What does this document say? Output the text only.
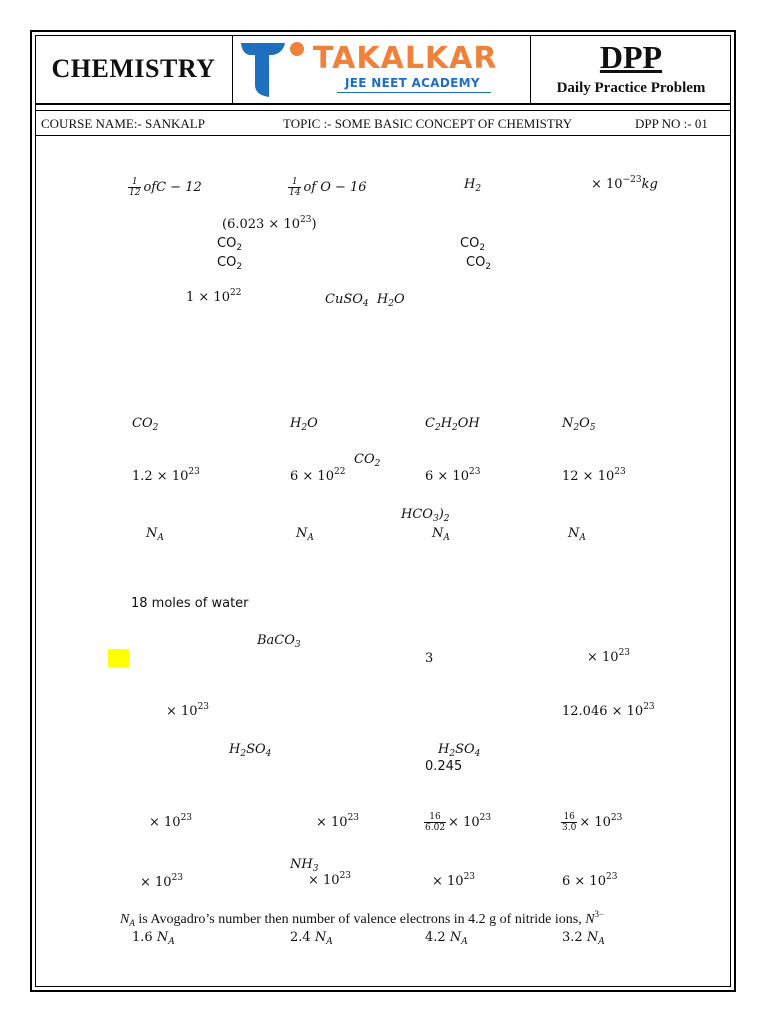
CHEMISTRY	TAKALKAR
JEE NEET ACADEMY
DPP
Daily Practice Problem
COURSE NAME:- SANKALP	TOPIC :- SOME BASIC CONCEPT OF CHEMISTRY	DPP NO :- 01
$\frac{1}{12}$ ofC − 12	$\frac{1}{14}$ of O − 16	$H_2$	× $10^{-23}kg$
$(6.023 \times 10^{23})$
$CO_2$	$CO_2$
$CO_2$	$CO_2$
$1 \times 10^{22}$	CuSO$_4$ $H_2O$
$CO_2$	$H_2O$	$C_2H_2OH$	$N_2O_5$
$CO_2$
$1.2 \times 10^{23}$	$6 \times 10^{22}$	$6 \times 10^{23}$	$12 \times 10^{23}$
$HCO_3)_2$
$N_A$	$N_A$	$N_A$	$N_A$
18 moles of water
BaCO$_3$
3	× $10^{23}$
× $10^{23}$	$12.046 \times 10^{23}$
$H_2SO_4$	$H_2SO_4$
0.245
× $10^{23}$	× $10^{23}$	$\frac{16}{6.02} \times 10^{23}$	$\frac{16}{3.0} \times 10^{23}$
$NH_3$
× $10^{23}$	× $10^{23}$	× $10^{23}$	$6 \times 10^{23}$
$N_A$ is Avogadro’s number then number of valence electrons in 4.2 g of nitride ions, $N^{3-}$
1.6 $N_A$	2.4 $N_A$	4.2 $N_A$	3.2 $N_A$
